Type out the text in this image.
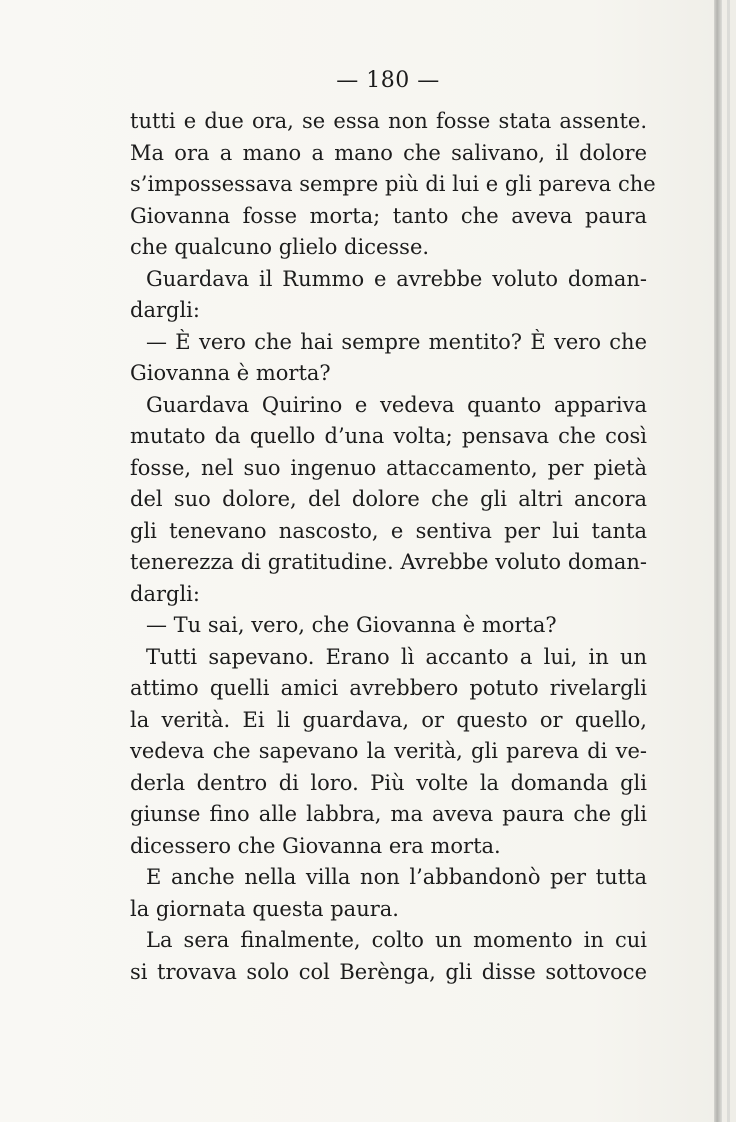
— 180 —
tutti e due ora, se essa non fosse stata assente.
Ma ora a mano a mano che salivano, il dolore
s’impossessava sempre più di lui e gli pareva che
Giovanna fosse morta; tanto che aveva paura
che qualcuno glielo dicesse.
Guardava il Rummo e avrebbe voluto doman-
dargli:
— È vero che hai sempre mentito? È vero che
Giovanna è morta?
Guardava Quirino e vedeva quanto appariva
mutato da quello d’una volta; pensava che così
fosse, nel suo ingenuo attaccamento, per pietà
del suo dolore, del dolore che gli altri ancora
gli tenevano nascosto, e sentiva per lui tanta
tenerezza di gratitudine. Avrebbe voluto doman-
dargli:
— Tu sai, vero, che Giovanna è morta?
Tutti sapevano. Erano lì accanto a lui, in un
attimo quelli amici avrebbero potuto rivelargli
la verità. Ei li guardava, or questo or quello,
vedeva che sapevano la verità, gli pareva di ve-
derla dentro di loro. Più volte la domanda gli
giunse fino alle labbra, ma aveva paura che gli
dicessero che Giovanna era morta.
E anche nella villa non l’abbandonò per tutta
la giornata questa paura.
La sera finalmente, colto un momento in cui
si trovava solo col Berènga, gli disse sottovoce
